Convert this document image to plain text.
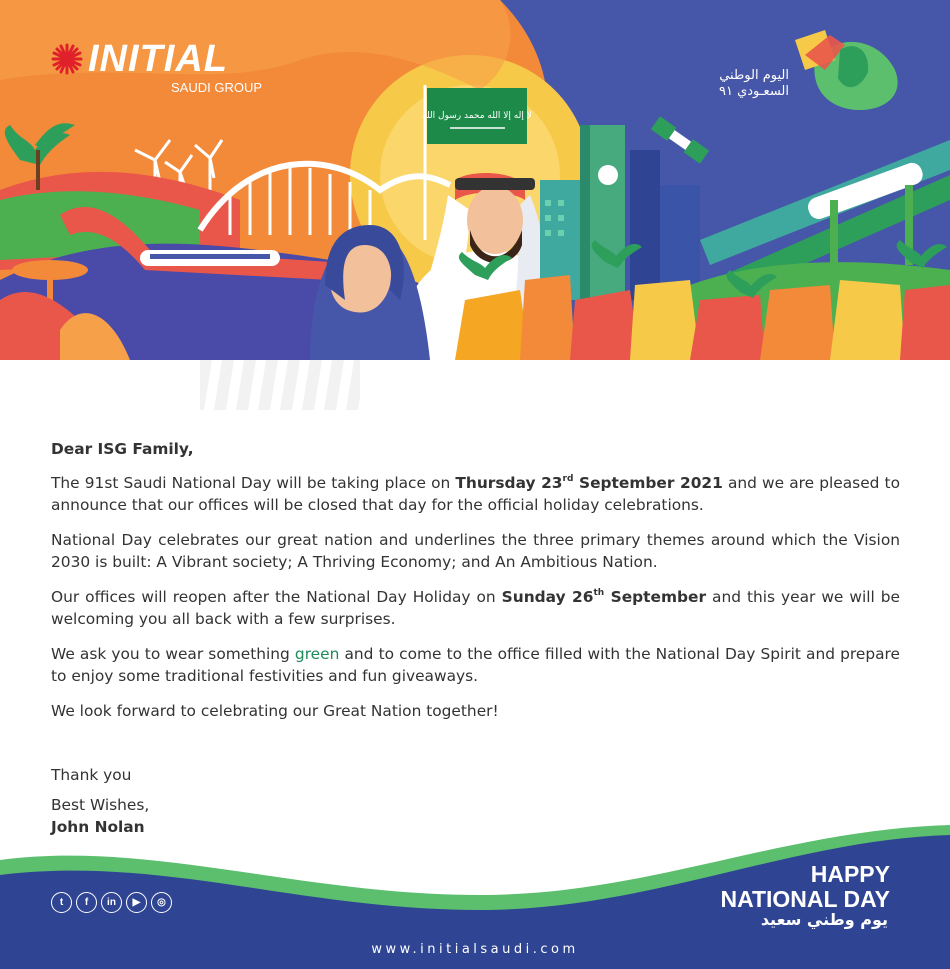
لا إله إلا الله محمد رسول الله
INITIAL
SAUDI GROUP
اليوم الوطني
السعـودي ٩١

Dear ISG Family,

The 91st Saudi National Day will be taking place on Thursday 23rd September 2021 and we are pleased to announce that our offices will be closed that day for the official holiday celebrations.

National Day celebrates our great nation and underlines the three primary themes around which the Vision 2030 is built: A Vibrant society; A Thriving Economy; and An Ambitious Nation.

Our offices will reopen after the National Day Holiday on Sunday 26th September and this year we will be welcoming you all back with a few surprises.

We ask you to wear something green and to come to the office filled with the National Day Spirit and prepare to enjoy some traditional festivities and fun giveaways.

We look forward to celebrating our Great Nation together!

Thank you
Best Wishes,
John Nolan
t	f	in	▶	◎
HAPPY
NATIONAL DAY
يوم وطني سعيد
www.initialsaudi.com
